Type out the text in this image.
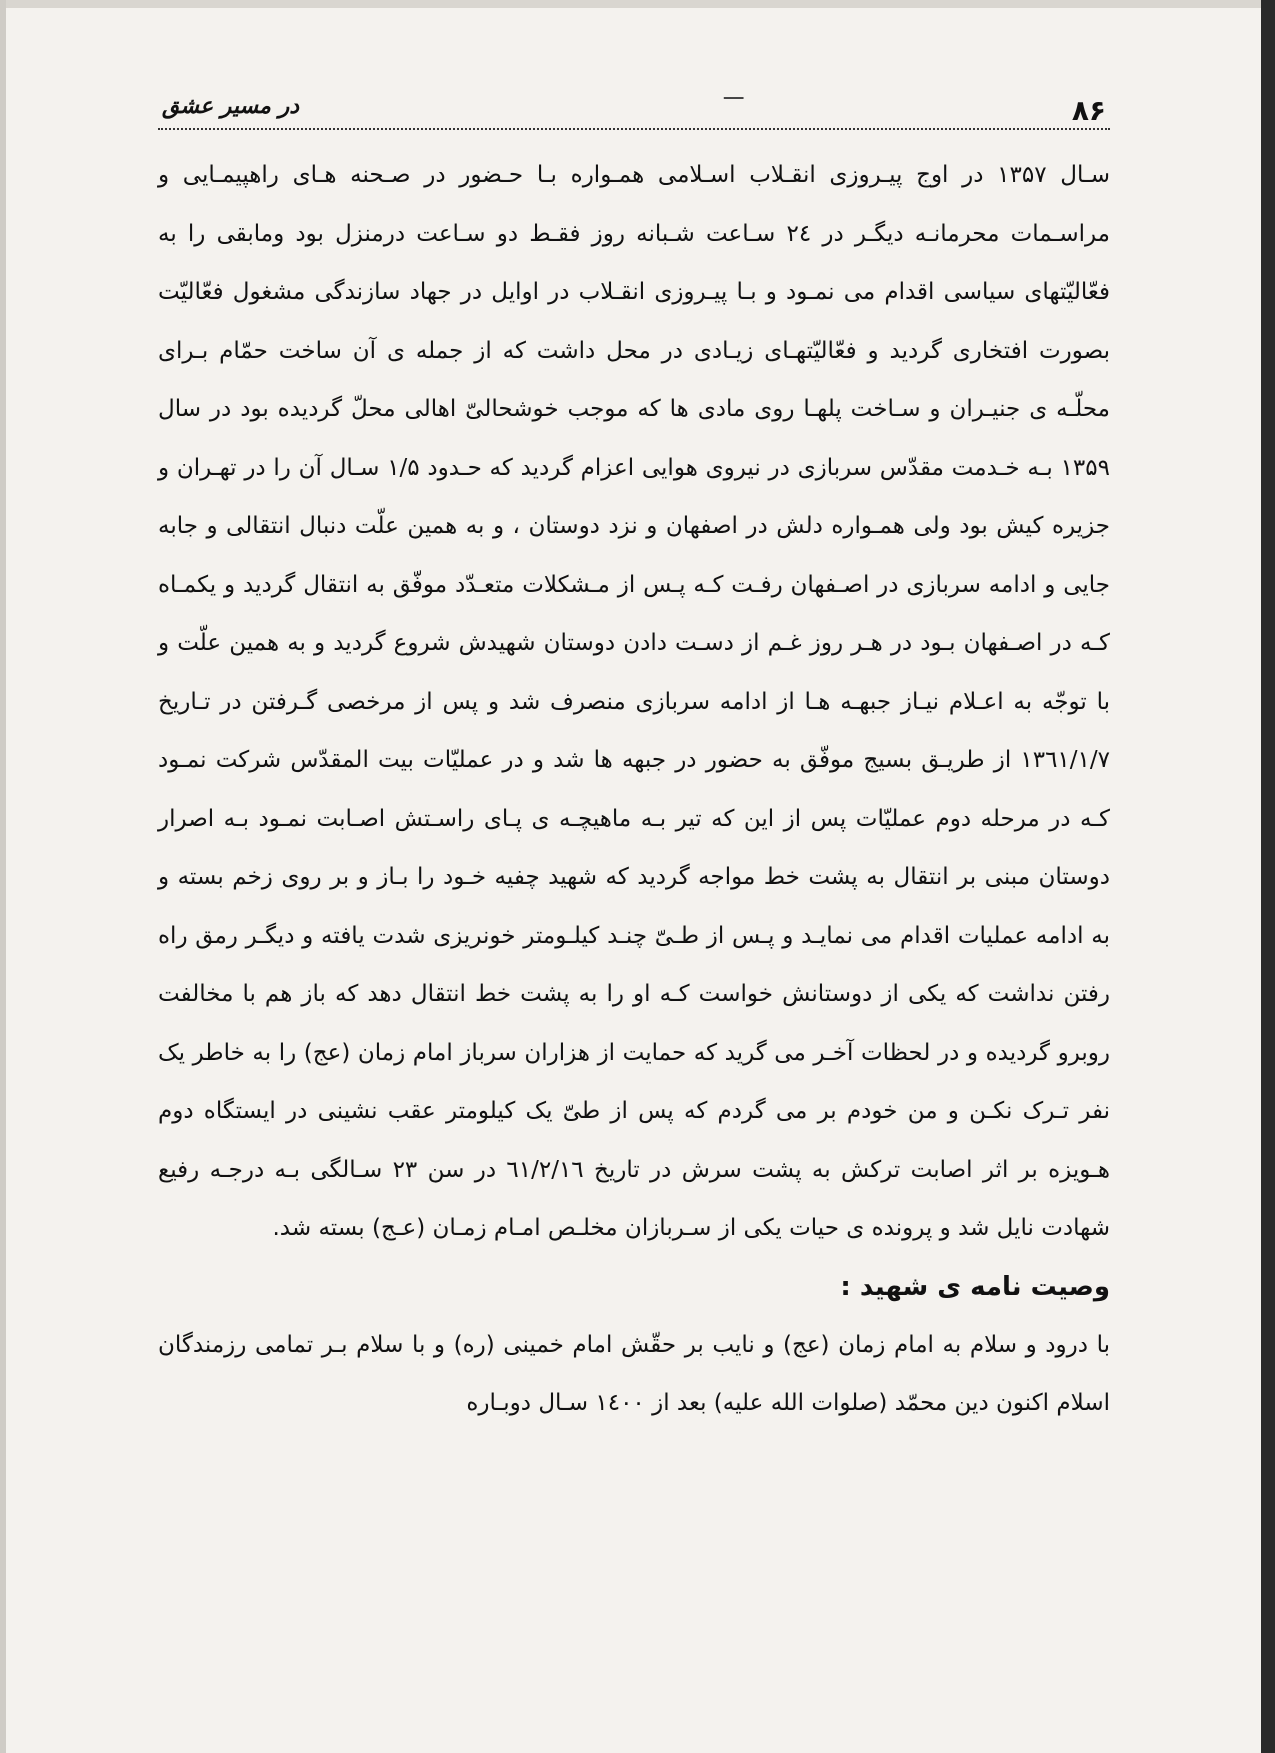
۸۶
ـــ
در مسیر عشق

سـال ۱۳۵۷ در اوج پیـروزی انقـلاب اسـلامی همـواره بـا حـضور در صـحنه هـای راهپیمـایی و مراسـمات محرمانـه دیگـر در ۲٤ سـاعت شـبانه روز فقـط دو سـاعت درمنزل بود ومابقی را به فعّالیّتهای سیاسی اقدام می نمـود و بـا پیـروزی انقـلاب در اوایل در جهاد سازندگی مشغول فعّالیّت بصورت افتخاری گردید و فعّالیّتهـای زیـادی در محل داشت که از جمله ی آن ساخت حمّام بـرای محلّـه ی جنیـران و سـاخت پلهـا روی مادی ها که موجب خوشحالیّ اهالی محلّ گردیده بود در سال ۱۳۵۹ بـه خـدمت مقدّس سربازی در نیروی هوایی اعزام گردید که حـدود ۱/۵ سـال آن را در تهـران و جزیره کیش بود ولی همـواره دلش در اصفهان و نزد دوستان ، و به همین علّت دنبال انتقالی و جابه جایی و ادامه سربازی در اصـفهان رفـت کـه پـس از مـشکلات متعـدّد موفّق به انتقال گردید و یکمـاه کـه در اصـفهان بـود در هـر روز غـم از دسـت دادن دوستان شهیدش شروع گردید و به همین علّت و با توجّه به اعـلام نیـاز جبهـه هـا از ادامه سربازی منصرف شد و پس از مرخصی گـرفتن در تـاریخ ۱۳٦۱/۱/۷ از طریـق بسیج موفّق به حضور در جبهه ها شد و در عملیّات بیت المقدّس شرکت نمـود کـه در مرحله دوم عملیّات پس از این که تیر بـه ماهیچـه ی پـای راسـتش اصـابت نمـود بـه اصرار دوستان مبنی بر انتقال به پشت خط مواجه گردید که شهید چفیه خـود را بـاز و بر روی زخم بسته و به ادامه عملیات اقدام می نمایـد و پـس از طـیّ چنـد کیلـومتر خونریزی شدت یافته و دیگـر رمق راه رفتن نداشت که یکی از دوستانش خواست کـه او را به پشت خط انتقال دهد که باز هم با مخالفت روبرو گردیده و در لحظات آخـر می گرید که حمایت از هزاران سرباز امام زمان (عج) را به خاطر یک نفر تـرک نکـن و من خودم بر می گردم که پس از طیّ یک کیلومتر عقب نشینی در ایستگاه دوم هـویزه بر اثر اصابت ترکش به پشت سرش در تاریخ ٦۱/۲/۱٦ در سن ۲۳ سـالگی بـه درجـه رفیع شهادت نایل شد و پرونده ی حیات یکی از سـربازان مخلـص امـام زمـان (عـج) بسته شد.

وصیت نامه ی شهید :

با درود و سلام به امام زمان (عج) و نایب بر حقّش امام خمینی (ره) و با سلام بـر تمامی رزمندگان اسلام اکنون دین محمّد (صلوات الله علیه) بعد از ۱٤۰۰ سـال دوبـاره
